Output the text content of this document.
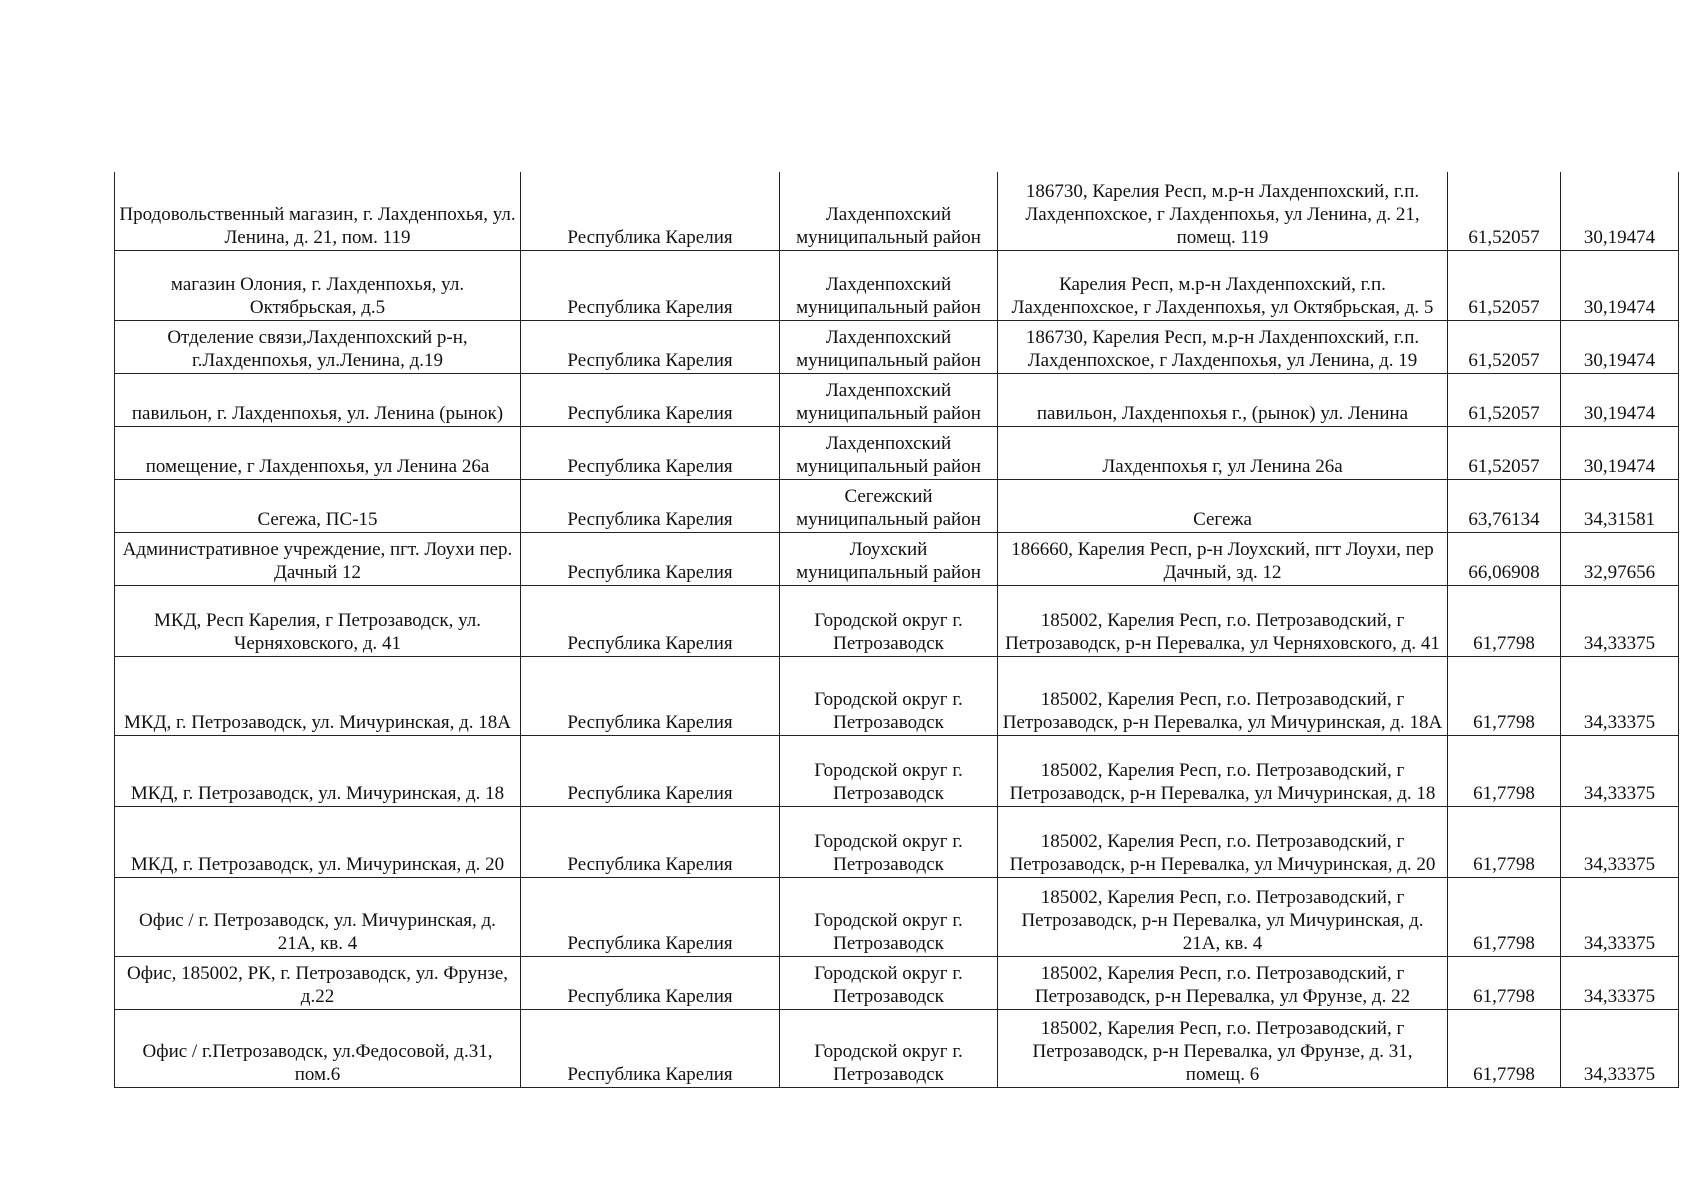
Продовольственный магазин, г. Лахденпохья, ул. Ленина, д. 21, пом. 119	Республика Карелия	Лахденпохский муниципальный район	186730, Карелия Респ, м.р-н Лахденпохский, г.п. Лахденпохское, г Лахденпохья, ул Ленина, д. 21, помещ. 119	61,52057	30,19474
магазин Олония, г. Лахденпохья, ул. Октябрьская, д.5	Республика Карелия	Лахденпохский муниципальный район	Карелия Респ, м.р-н Лахденпохский, г.п. Лахденпохское, г Лахденпохья, ул Октябрьская, д. 5	61,52057	30,19474
Отделение связи,Лахденпохский р-н, г.Лахденпохья, ул.Ленина, д.19	Республика Карелия	Лахденпохский муниципальный район	186730, Карелия Респ, м.р-н Лахденпохский, г.п. Лахденпохское, г Лахденпохья, ул Ленина, д. 19	61,52057	30,19474
павильон, г. Лахденпохья, ул. Ленина (рынок)	Республика Карелия	Лахденпохский муниципальный район	павильон, Лахденпохья г., (рынок) ул. Ленина	61,52057	30,19474
помещение, г Лахденпохья, ул Ленина 26а	Республика Карелия	Лахденпохский муниципальный район	Лахденпохья г, ул Ленина 26а	61,52057	30,19474
Сегежа, ПС-15	Республика Карелия	Сегежский муниципальный район	Сегежа	63,76134	34,31581
Административное учреждение, пгт. Лоухи пер. Дачный 12	Республика Карелия	Лоухский муниципальный район	186660, Карелия Респ, р-н Лоухский, пгт Лоухи, пер Дачный, зд. 12	66,06908	32,97656
МКД, Респ Карелия, г Петрозаводск, ул. Черняховского, д. 41	Республика Карелия	Городской округ г. Петрозаводск	185002, Карелия Респ, г.о. Петрозаводский, г Петрозаводск, р-н Перевалка, ул Черняховского, д. 41	61,7798	34,33375
МКД, г. Петрозаводск, ул. Мичуринская, д. 18А	Республика Карелия	Городской округ г. Петрозаводск	185002, Карелия Респ, г.о. Петрозаводский, г Петрозаводск, р-н Перевалка, ул Мичуринская, д. 18А	61,7798	34,33375
МКД, г. Петрозаводск, ул. Мичуринская, д. 18	Республика Карелия	Городской округ г. Петрозаводск	185002, Карелия Респ, г.о. Петрозаводский, г Петрозаводск, р-н Перевалка, ул Мичуринская, д. 18	61,7798	34,33375
МКД, г. Петрозаводск, ул. Мичуринская, д. 20	Республика Карелия	Городской округ г. Петрозаводск	185002, Карелия Респ, г.о. Петрозаводский, г Петрозаводск, р-н Перевалка, ул Мичуринская, д. 20	61,7798	34,33375
Офис / г. Петрозаводск, ул. Мичуринская, д. 21А, кв. 4	Республика Карелия	Городской округ г. Петрозаводск	185002, Карелия Респ, г.о. Петрозаводский, г Петрозаводск, р-н Перевалка, ул Мичуринская, д. 21А, кв. 4	61,7798	34,33375
Офис, 185002, РК, г. Петрозаводск, ул. Фрунзе, д.22	Республика Карелия	Городской округ г. Петрозаводск	185002, Карелия Респ, г.о. Петрозаводский, г Петрозаводск, р-н Перевалка, ул Фрунзе, д. 22	61,7798	34,33375
Офис / г.Петрозаводск, ул.Федосовой, д.31, пом.6	Республика Карелия	Городской округ г. Петрозаводск	185002, Карелия Респ, г.о. Петрозаводский, г Петрозаводск, р-н Перевалка, ул Фрунзе, д. 31, помещ. 6	61,7798	34,33375
